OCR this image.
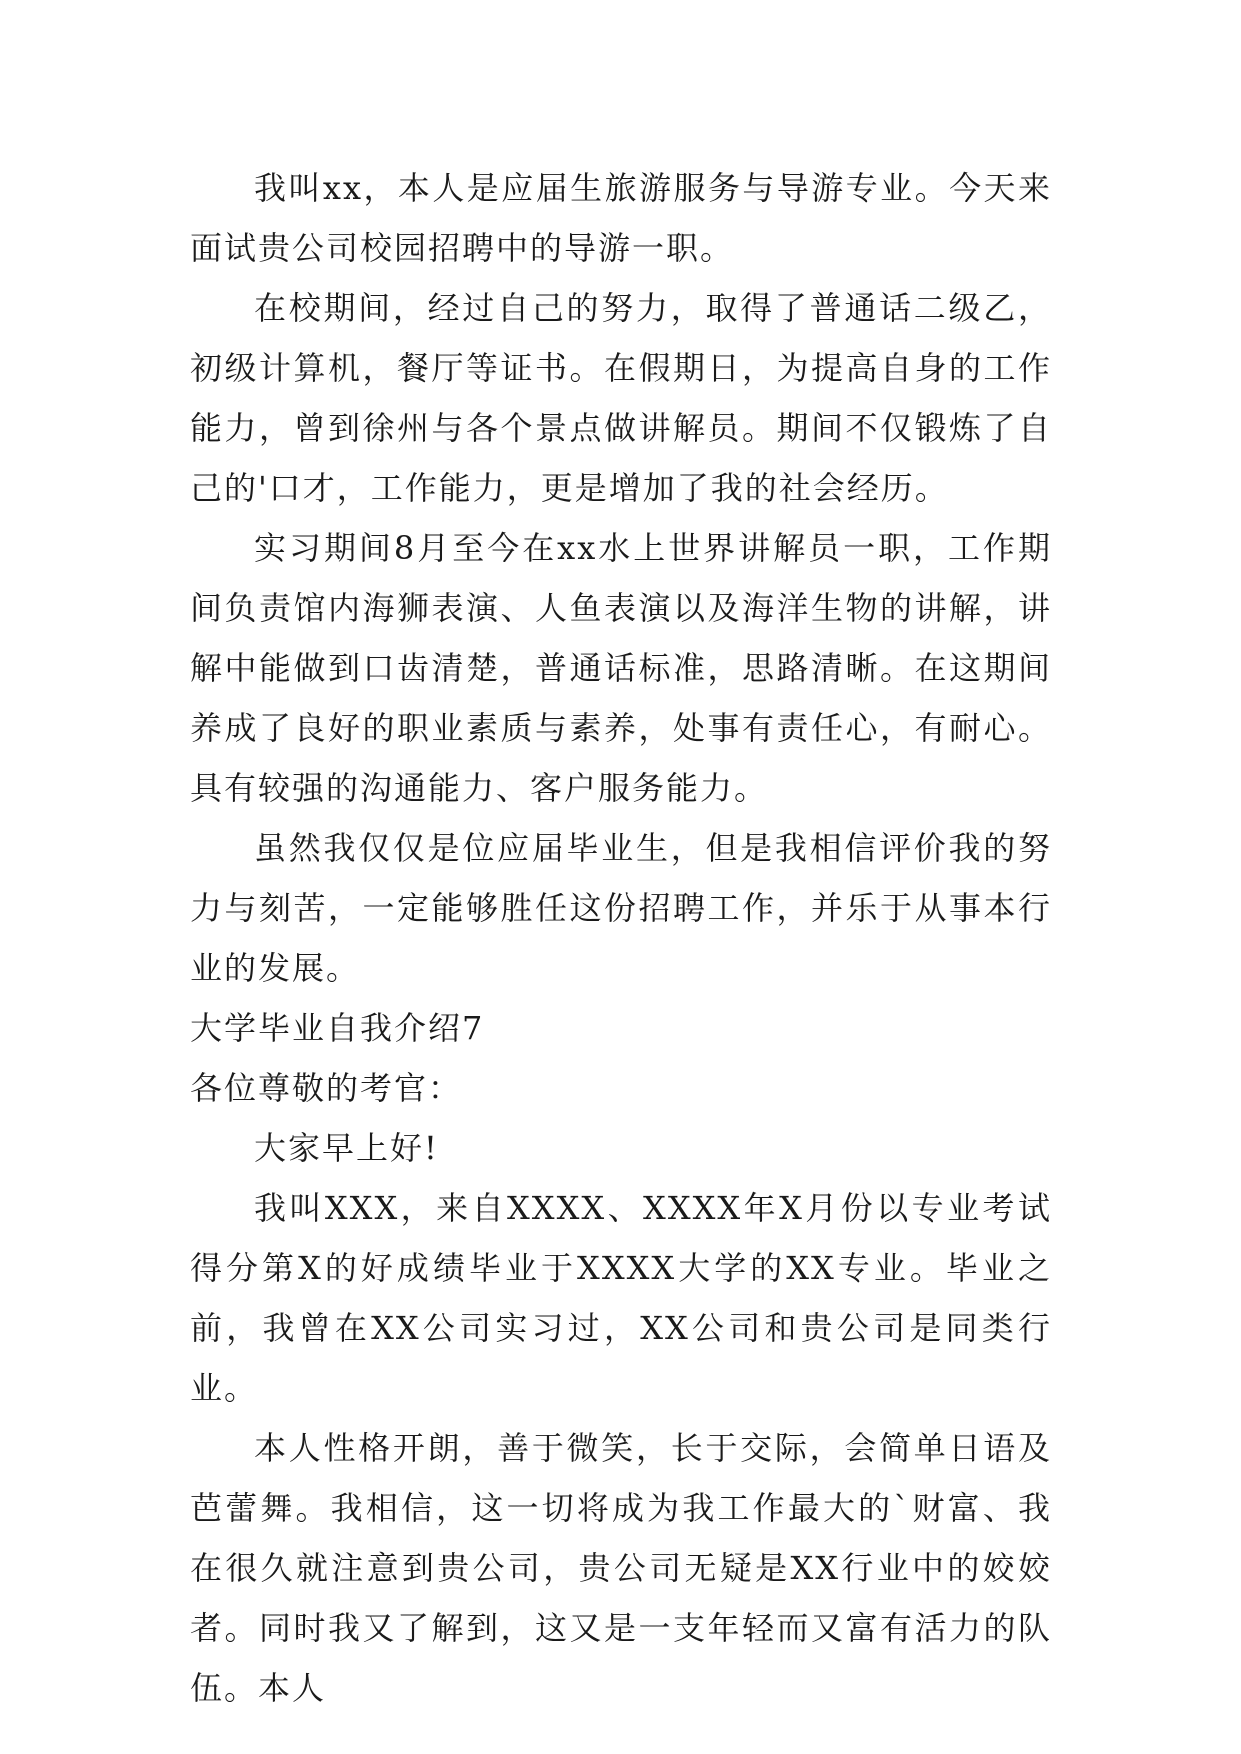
我叫xx，本人是应届生旅游服务与导游专业。今天来面试贵公司校园招聘中的导游一职。

在校期间，经过自己的努力，取得了普通话二级乙，初级计算机，餐厅等证书。在假期日，为提高自身的工作能力，曾到徐州与各个景点做讲解员。期间不仅锻炼了自己的'口才，工作能力，更是增加了我的社会经历。

实习期间8月至今在xx水上世界讲解员一职，工作期间负责馆内海狮表演、人鱼表演以及海洋生物的讲解，讲解中能做到口齿清楚，普通话标准，思路清晰。在这期间养成了良好的职业素质与素养，处事有责任心，有耐心。具有较强的沟通能力、客户服务能力。

虽然我仅仅是位应届毕业生，但是我相信评价我的努力与刻苦，一定能够胜任这份招聘工作，并乐于从事本行业的发展。

大学毕业自我介绍7

各位尊敬的考官：

大家早上好!

我叫XXX，来自XXXX、XXXX年X月份以专业考试得分第X的好成绩毕业于XXXX大学的XX专业。毕业之前，我曾在XX公司实习过，XX公司和贵公司是同类行业。

本人性格开朗，善于微笑，长于交际，会简单日语及芭蕾舞。我相信，这一切将成为我工作最大的`财富、我在很久就注意到贵公司，贵公司无疑是XX行业中的姣姣者。同时我又了解到，这又是一支年轻而又富有活力的队伍。本人
